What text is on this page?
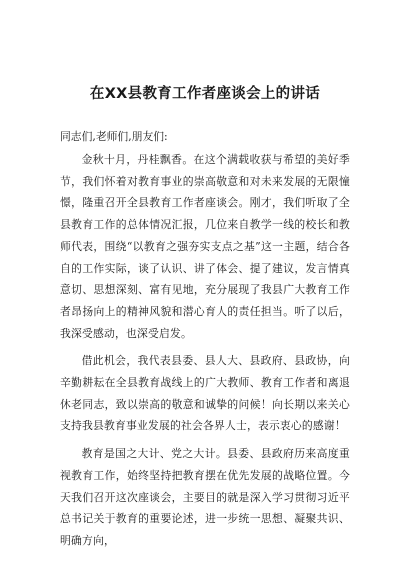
在XX县教育工作者座谈会上的讲话

同志们,老师们,朋友们:

金秋十月，丹桂飘香。在这个满载收获与希望的美好季节，我们怀着对教育事业的崇高敬意和对未来发展的无限憧憬，隆重召开全县教育工作者座谈会。刚才，我们听取了全县教育工作的总体情况汇报，几位来自教学一线的校长和教师代表，围绕“以教育之强夯实支点之基”这一主题，结合各自的工作实际，谈了认识、讲了体会、提了建议，发言情真意切、思想深刻、富有见地，充分展现了我县广大教育工作者昂扬向上的精神风貌和潜心育人的责任担当。听了以后，我深受感动，也深受启发。

借此机会，我代表县委、县人大、县政府、县政协，向辛勤耕耘在全县教育战线上的广大教师、教育工作者和离退休老同志，致以崇高的敬意和诚挚的问候！向长期以来关心支持我县教育事业发展的社会各界人士，表示衷心的感谢！

教育是国之大计、党之大计。县委、县政府历来高度重视教育工作，始终坚持把教育摆在优先发展的战略位置。今天我们召开这次座谈会，主要目的就是深入学习贯彻习近平总书记关于教育的重要论述，进一步统一思想、凝聚共识、明确方向，
